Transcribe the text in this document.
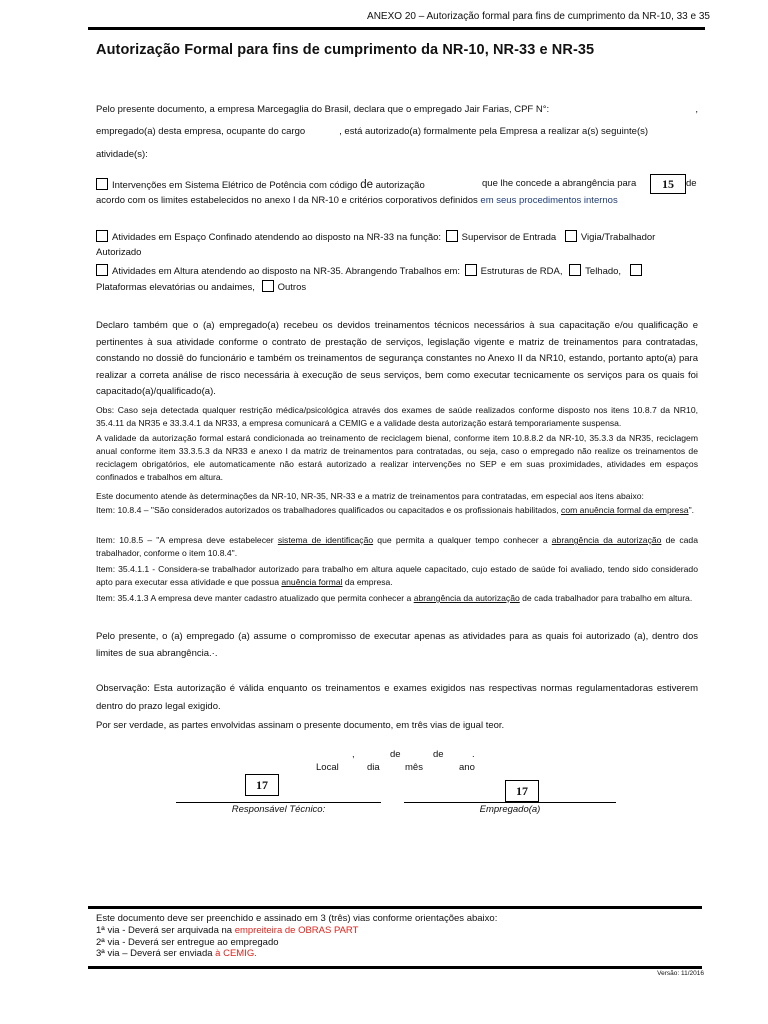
ANEXO 20 – Autorização formal para fins de cumprimento da NR-10, 33 e 35
Autorização Formal para fins de cumprimento da NR-10, NR-33 e NR-35
Pelo presente documento, a empresa Marcegaglia do Brasil, declara que o empregado Jair Farias, CPF N°:	,
empregado(a) desta empresa, ocupante do cargo	, está autorizado(a) formalmente pela Empresa a realizar a(s) seguinte(s)
atividade(s):
Intervenções em Sistema Elétrico de Potência com código de autorização	que lhe concede a abrangência para	15	de
acordo com os limites estabelecidos no anexo I da NR-10 e critérios corporativos definidos em seus procedimentos internos
Atividades em Espaço Confinado atendendo ao disposto na NR-33 na função: Supervisor de Entrada	Vigia/Trabalhador
Autorizado
Atividades em Altura atendendo ao disposto na NR-35. Abrangendo Trabalhos em: Estruturas de RDA, Telhado,
Plataformas elevatórias ou andaimes, Outros
Declaro também que o (a) empregado(a) recebeu os devidos treinamentos técnicos necessários à sua capacitação e/ou qualificação e pertinentes à sua atividade conforme o contrato de prestação de serviços, legislação vigente e matriz de treinamentos para contratadas, constando no dossiê do funcionário e também os treinamentos de segurança constantes no Anexo II da NR10, estando, portanto apto(a) para realizar a correta análise de risco necessária à execução de seus serviços, bem como executar tecnicamente os serviços para os quais foi capacitado(a)/qualificado(a).
Obs: Caso seja detectada qualquer restrição médica/psicológica através dos exames de saúde realizados conforme disposto nos itens 10.8.7 da NR10, 35.4.11 da NR35 e 33.3.4.1 da NR33, a empresa comunicará a CEMIG e a validade desta autorização estará temporariamente suspensa.
A validade da autorização formal estará condicionada ao treinamento de reciclagem bienal, conforme item 10.8.8.2 da NR-10, 35.3.3 da NR35, reciclagem anual conforme item 33.3.5.3 da NR33 e anexo I da matriz de treinamentos para contratadas, ou seja, caso o empregado não realize os treinamentos de reciclagem obrigatórios, ele automaticamente não estará autorizado a realizar intervenções no SEP e em suas proximidades, atividades em espaços confinados e trabalhos em altura.
Este documento atende às determinações da NR-10, NR-35, NR-33 e a matriz de treinamentos para contratadas, em especial aos itens abaixo:
Item: 10.8.4 – "São considerados autorizados os trabalhadores qualificados ou capacitados e os profissionais habilitados, com anuência formal da empresa".
Item: 10.8.5 – "A empresa deve estabelecer sistema de identificação que permita a qualquer tempo conhecer a abrangência da autorização de cada trabalhador, conforme o item 10.8.4".
Item: 35.4.1.1 - Considera-se trabalhador autorizado para trabalho em altura aquele capacitado, cujo estado de saúde foi avaliado, tendo sido considerado apto para executar essa atividade e que possua anuência formal da empresa.
Item: 35.4.1.3 A empresa deve manter cadastro atualizado que permita conhecer a abrangência da autorização de cada trabalhador para trabalho em altura.
Pelo presente, o (a) empregado (a) assume o compromisso de executar apenas as atividades para as quais foi autorizado (a), dentro dos limites de sua abrangência.·.
Observação: Esta autorização é válida enquanto os treinamentos e exames exigidos nas respectivas normas regulamentadoras estiverem dentro do prazo legal exigido.
Por ser verdade, as partes envolvidas assinam o presente documento, em três vias de igual teor.
,	de	de	.
Local	dia	mês	ano
17	17
Responsável Técnico:	Empregado(a)
Este documento deve ser preenchido e assinado em 3 (três) vias conforme orientações abaixo:
1ª via - Deverá ser arquivada na empreiteira de OBRAS PART
2ª via - Deverá ser entregue ao empregado
3ª via – Deverá ser enviada à CEMIG.
Versão: 11/2016
